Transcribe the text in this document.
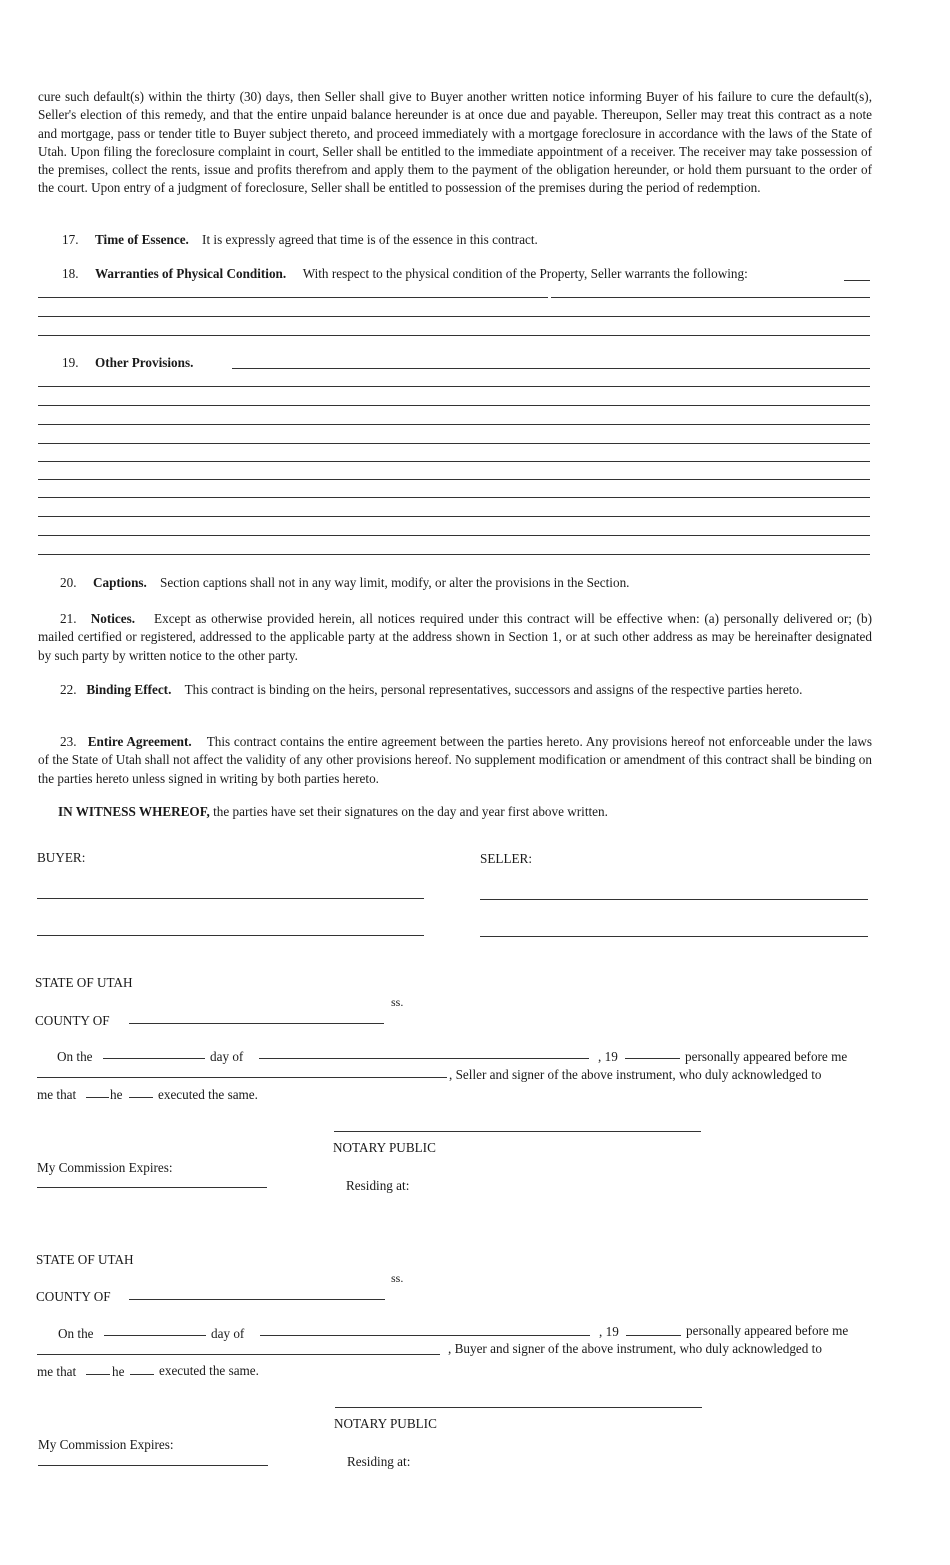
cure such default(s) within the thirty (30) days, then Seller shall give to Buyer another written notice informing Buyer of his failure to cure the default(s), Seller's election of this remedy, and that the entire unpaid balance hereunder is at once due and payable. Thereupon, Seller may treat this contract as a note and mortgage, pass or tender title to Buyer subject thereto, and proceed immediately with a mortgage foreclosure in accordance with the laws of the State of Utah. Upon filing the foreclosure complaint in court, Seller shall be entitled to the immediate appointment of a receiver. The receiver may take possession of the premises, collect the rents, issue and profits therefrom and apply them to the payment of the obligation hereunder, or hold them pursuant to the order of the court. Upon entry of a judgment of foreclosure, Seller shall be entitled to possession of the premises during the period of redemption.

17. Time of Essence. It is expressly agreed that time is of the essence in this contract.
18. Warranties of Physical Condition. With respect to the physical condition of the Property, Seller warrants the following:
19. Other Provisions.
20. Captions. Section captions shall not in any way limit, modify, or alter the provisions in the Section.

21. Notices. Except as otherwise provided herein, all notices required under this contract will be effective when: (a) personally delivered or; (b) mailed certified or registered, addressed to the applicable party at the address shown in Section 1, or at such other address as may be hereinafter designated by such party by written notice to the other party.

22. Binding Effect. This contract is binding on the heirs, personal representatives, successors and assigns of the respective parties hereto.

23. Entire Agreement. This contract contains the entire agreement between the parties hereto. Any provisions hereof not enforceable under the laws of the State of Utah shall not affect the validity of any other provisions hereof. No supplement modification or amendment of this contract shall be binding on the parties hereto unless signed in writing by both parties hereto.

IN WITNESS WHEREOF, the parties have set their signatures on the day and year first above written.
BUYER:	SELLER:
STATE OF UTAH
ss.
COUNTY OF
On the	day of	, 19	personally appeared before me
, Seller and signer of the above instrument, who duly acknowledged to
me that	he	executed the same.
NOTARY PUBLIC
My Commission Expires:
Residing at:
STATE OF UTAH
ss.
COUNTY OF
On the	day of	, 19	personally appeared before me
, Buyer and signer of the above instrument, who duly acknowledged to
me that	he	executed the same.
NOTARY PUBLIC
My Commission Expires:
Residing at:
